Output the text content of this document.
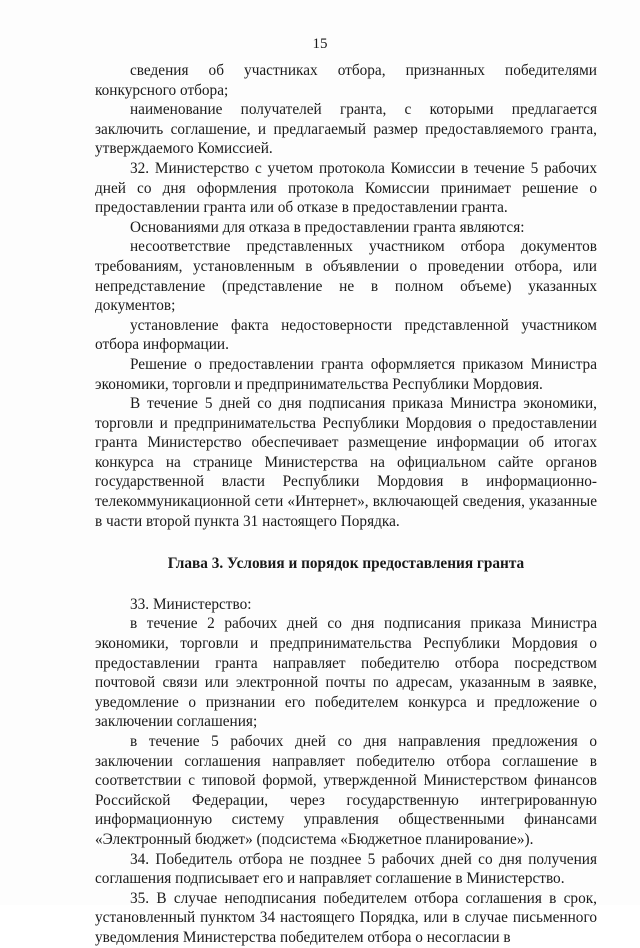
15

сведения об участниках отбора, признанных победителями конкурсного отбора;

наименование получателей гранта, с которыми предлагается заключить соглашение, и предлагаемый размер предоставляемого гранта, утверждаемого Комиссией.

32. Министерство с учетом протокола Комиссии в течение 5 рабочих дней со дня оформления протокола Комиссии принимает решение о предоставлении гранта или об отказе в предоставлении гранта.

Основаниями для отказа в предоставлении гранта являются:

несоответствие представленных участником отбора документов требованиям, установленным в объявлении о проведении отбора, или непредставление (представление не в полном объеме) указанных документов;

установление факта недостоверности представленной участником отбора информации.

Решение о предоставлении гранта оформляется приказом Министра экономики, торговли и предпринимательства Республики Мордовия.

В течение 5 дней со дня подписания приказа Министра экономики, торговли и предпринимательства Республики Мордовия о предоставлении гранта Министерство обеспечивает размещение информации об итогах конкурса на странице Министерства на официальном сайте органов государственной власти Республики Мордовия в информационно-телекоммуникационной сети «Интернет», включающей сведения, указанные в части второй пункта 31 настоящего Порядка.

Глава 3. Условия и порядок предоставления гранта

33. Министерство:

в течение 2 рабочих дней со дня подписания приказа Министра экономики, торговли и предпринимательства Республики Мордовия о предоставлении гранта направляет победителю отбора посредством почтовой связи или электронной почты по адресам, указанным в заявке, уведомление о признании его победителем конкурса и предложение о заключении соглашения;

в течение 5 рабочих дней со дня направления предложения о заключении соглашения направляет победителю отбора соглашение в соответствии с типовой формой, утвержденной Министерством финансов Российской Федерации, через государственную интегрированную информационную систему управления общественными финансами «Электронный бюджет» (подсистема «Бюджетное планирование»).

34. Победитель отбора не позднее 5 рабочих дней со дня получения соглашения подписывает его и направляет соглашение в Министерство.

35. В случае неподписания победителем отбора соглашения в срок, установленный пунктом 34 настоящего Порядка, или в случае письменного уведомления Министерства победителем отбора о несогласии в
